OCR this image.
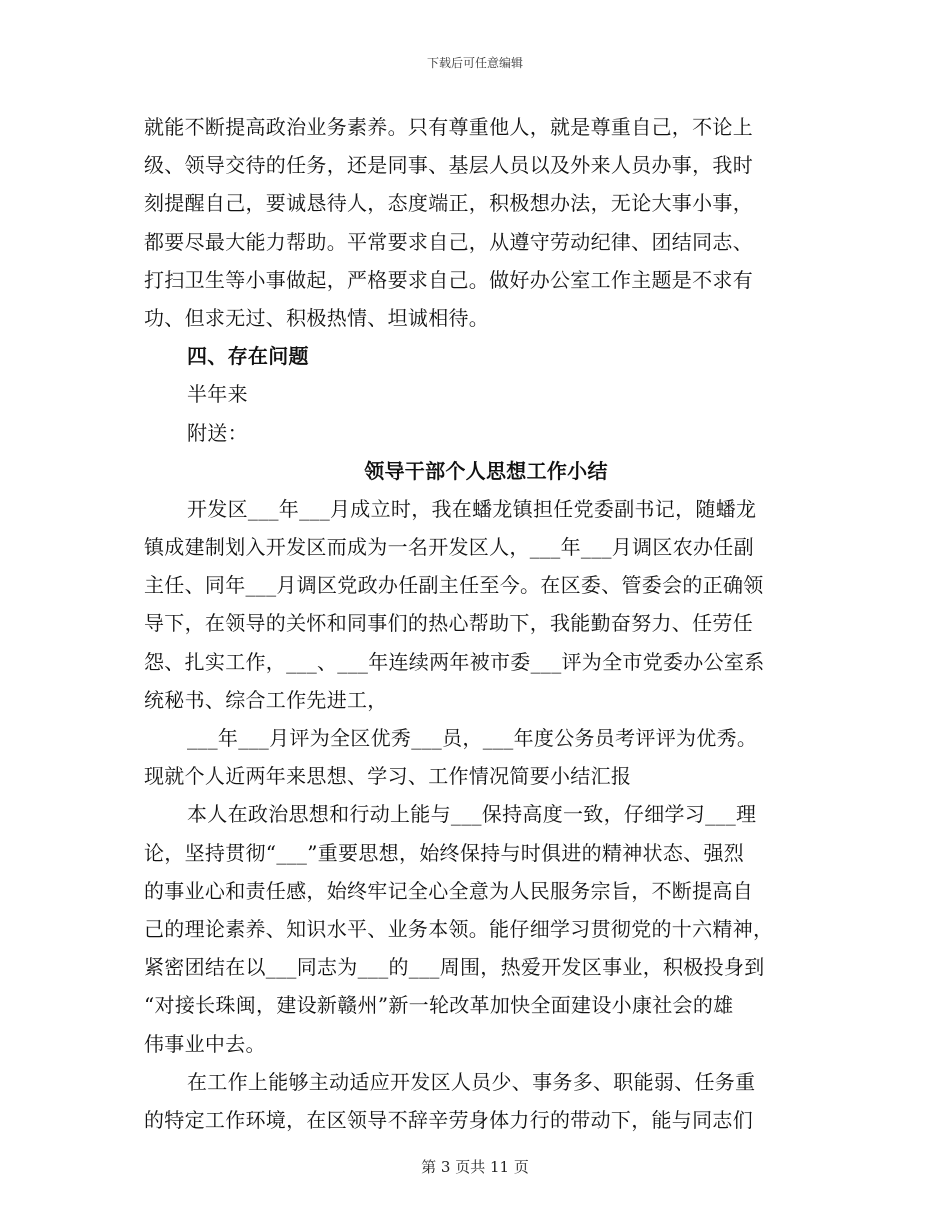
下载后可任意编辑
就能不断提高政治业务素养。只有尊重他人，就是尊重自己，不论上
级、领导交待的任务，还是同事、基层人员以及外来人员办事，我时
刻提醒自己，要诚恳待人，态度端正，积极想办法，无论大事小事，
都要尽最大能力帮助。平常要求自己，从遵守劳动纪律、团结同志、
打扫卫生等小事做起，严格要求自己。做好办公室工作主题是不求有
功、但求无过、积极热情、坦诚相待。
四、存在问题
半年来
附送：
领导干部个人思想工作小结
开发区___年___月成立时，我在蟠龙镇担任党委副书记，随蟠龙
镇成建制划入开发区而成为一名开发区人，___年___月调区农办任副
主任、同年___月调区党政办任副主任至今。在区委、管委会的正确领
导下，在领导的关怀和同事们的热心帮助下，我能勤奋努力、任劳任
怨、扎实工作，___、___年连续两年被市委___评为全市党委办公室系
统秘书、综合工作先进工，
___年___月评为全区优秀___员，___年度公务员考评评为优秀。
现就个人近两年来思想、学习、工作情况简要小结汇报
本人在政治思想和行动上能与___保持高度一致，仔细学习___理
论，坚持贯彻“___”重要思想，始终保持与时俱进的精神状态、强烈
的事业心和责任感，始终牢记全心全意为人民服务宗旨，不断提高自
己的理论素养、知识水平、业务本领。能仔细学习贯彻党的十六精神，
紧密团结在以___同志为___的___周围，热爱开发区事业，积极投身到
“对接长珠闽，建设新赣州”新一轮改革加快全面建设小康社会的雄
伟事业中去。
在工作上能够主动适应开发区人员少、事务多、职能弱、任务重
的特定工作环境，在区领导不辞辛劳身体力行的带动下，能与同志们
第 3 页共 11 页
